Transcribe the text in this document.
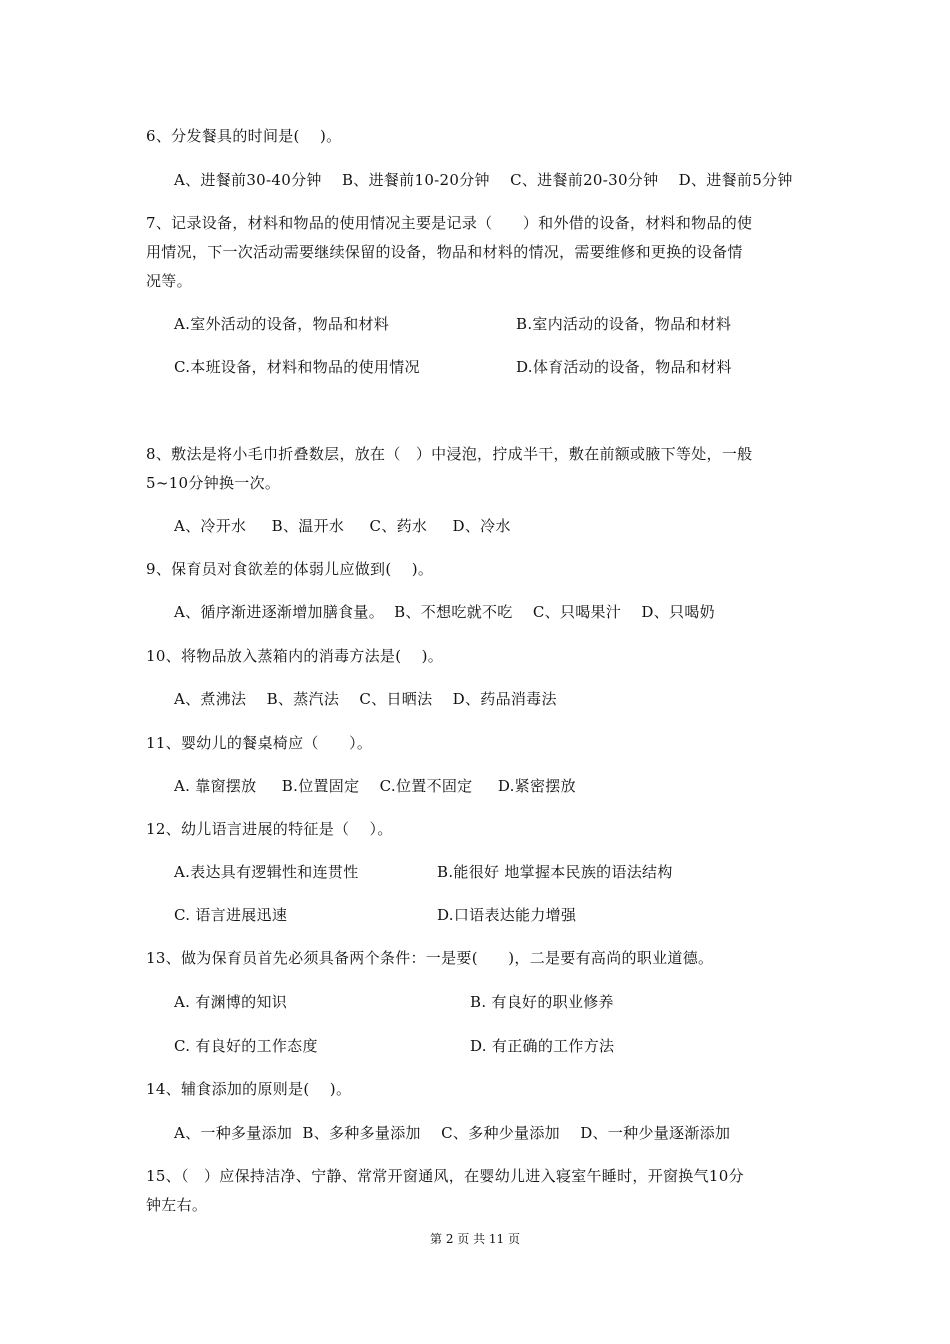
6、分发餐具的时间是(    )。
A、进餐前30-40分钟    B、进餐前10-20分钟    C、进餐前20-30分钟    D、进餐前5分钟
7、记录设备，材料和物品的使用情况主要是记录（      ）和外借的设备，材料和物品的使
用情况，下一次活动需要继续保留的设备，物品和材料的情况，需要维修和更换的设备情
况等。
A.室外活动的设备，物品和材料	B.室内活动的设备，物品和材料
C.本班设备，材料和物品的使用情况	D.体育活动的设备，物品和材料
8、敷法是将小毛巾折叠数层，放在（   ）中浸泡，拧成半干，敷在前额或腋下等处，一般
5~10分钟换一次。
A、冷开水     B、温开水     C、药水     D、冷水
9、保育员对食欲差的体弱儿应做到(    )。
A、循序渐进逐渐增加膳食量。  B、不想吃就不吃    C、只喝果汁    D、只喝奶
10、将物品放入蒸箱内的消毒方法是(    )。
A、煮沸法    B、蒸汽法    C、日晒法    D、药品消毒法
11、婴幼儿的餐桌椅应（      ）。
A. 靠窗摆放     B.位置固定    C.位置不固定     D.紧密摆放
12、幼儿语言进展的特征是（    ）。
A.表达具有逻辑性和连贯性	B.能很好 地掌握本民族的语法结构
C. 语言进展迅速	D.口语表达能力增强
13、做为保育员首先必须具备两个条件：一是要(      )，二是要有高尚的职业道德。
A. 有渊博的知识	B. 有良好的职业修养
C. 有良好的工作态度	D. 有正确的工作方法
14、辅食添加的原则是(    )。
A、一种多量添加  B、多种多量添加    C、多种少量添加    D、一种少量逐渐添加
15、（   ）应保持洁净、宁静、常常开窗通风，在婴幼儿进入寝室午睡时，开窗换气10分
钟左右。
第 2 页 共 11 页
